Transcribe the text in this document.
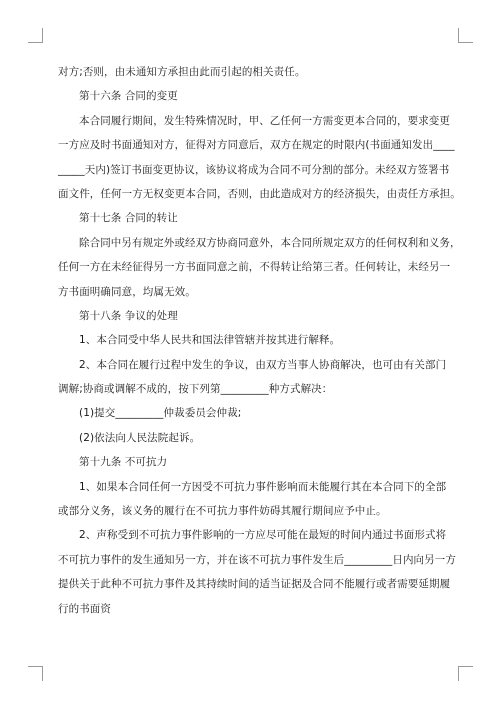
对方;否则，由未通知方承担由此而引起的相关责任。
第十六条 合同的变更
本合同履行期间，发生特殊情况时，甲、乙任何一方需变更本合同的，要求变更
一方应及时书面通知对方，征得对方同意后，双方在规定的时限内(书面通知发出____
_____天内)签订书面变更协议，该协议将成为合同不可分割的部分。未经双方签署书
面文件，任何一方无权变更本合同，否则，由此造成对方的经济损失，由责任方承担。
第十七条 合同的转让
除合同中另有规定外或经双方协商同意外，本合同所规定双方的任何权利和义务，
任何一方在未经征得另一方书面同意之前，不得转让给第三者。任何转让，未经另一
方书面明确同意，均属无效。
第十八条 争议的处理
1、本合同受中华人民共和国法律管辖并按其进行解释。
2、本合同在履行过程中发生的争议，由双方当事人协商解决，也可由有关部门
调解;协商或调解不成的，按下列第_________种方式解决：
(1)提交_________仲裁委员会仲裁;
(2)依法向人民法院起诉。
第十九条 不可抗力
1、如果本合同任何一方因受不可抗力事件影响而未能履行其在本合同下的全部
或部分义务，该义务的履行在不可抗力事件妨碍其履行期间应予中止。
2、声称受到不可抗力事件影响的一方应尽可能在最短的时间内通过书面形式将
不可抗力事件的发生通知另一方，并在该不可抗力事件发生后_________日内向另一方
提供关于此种不可抗力事件及其持续时间的适当证据及合同不能履行或者需要延期履
行的书面资
